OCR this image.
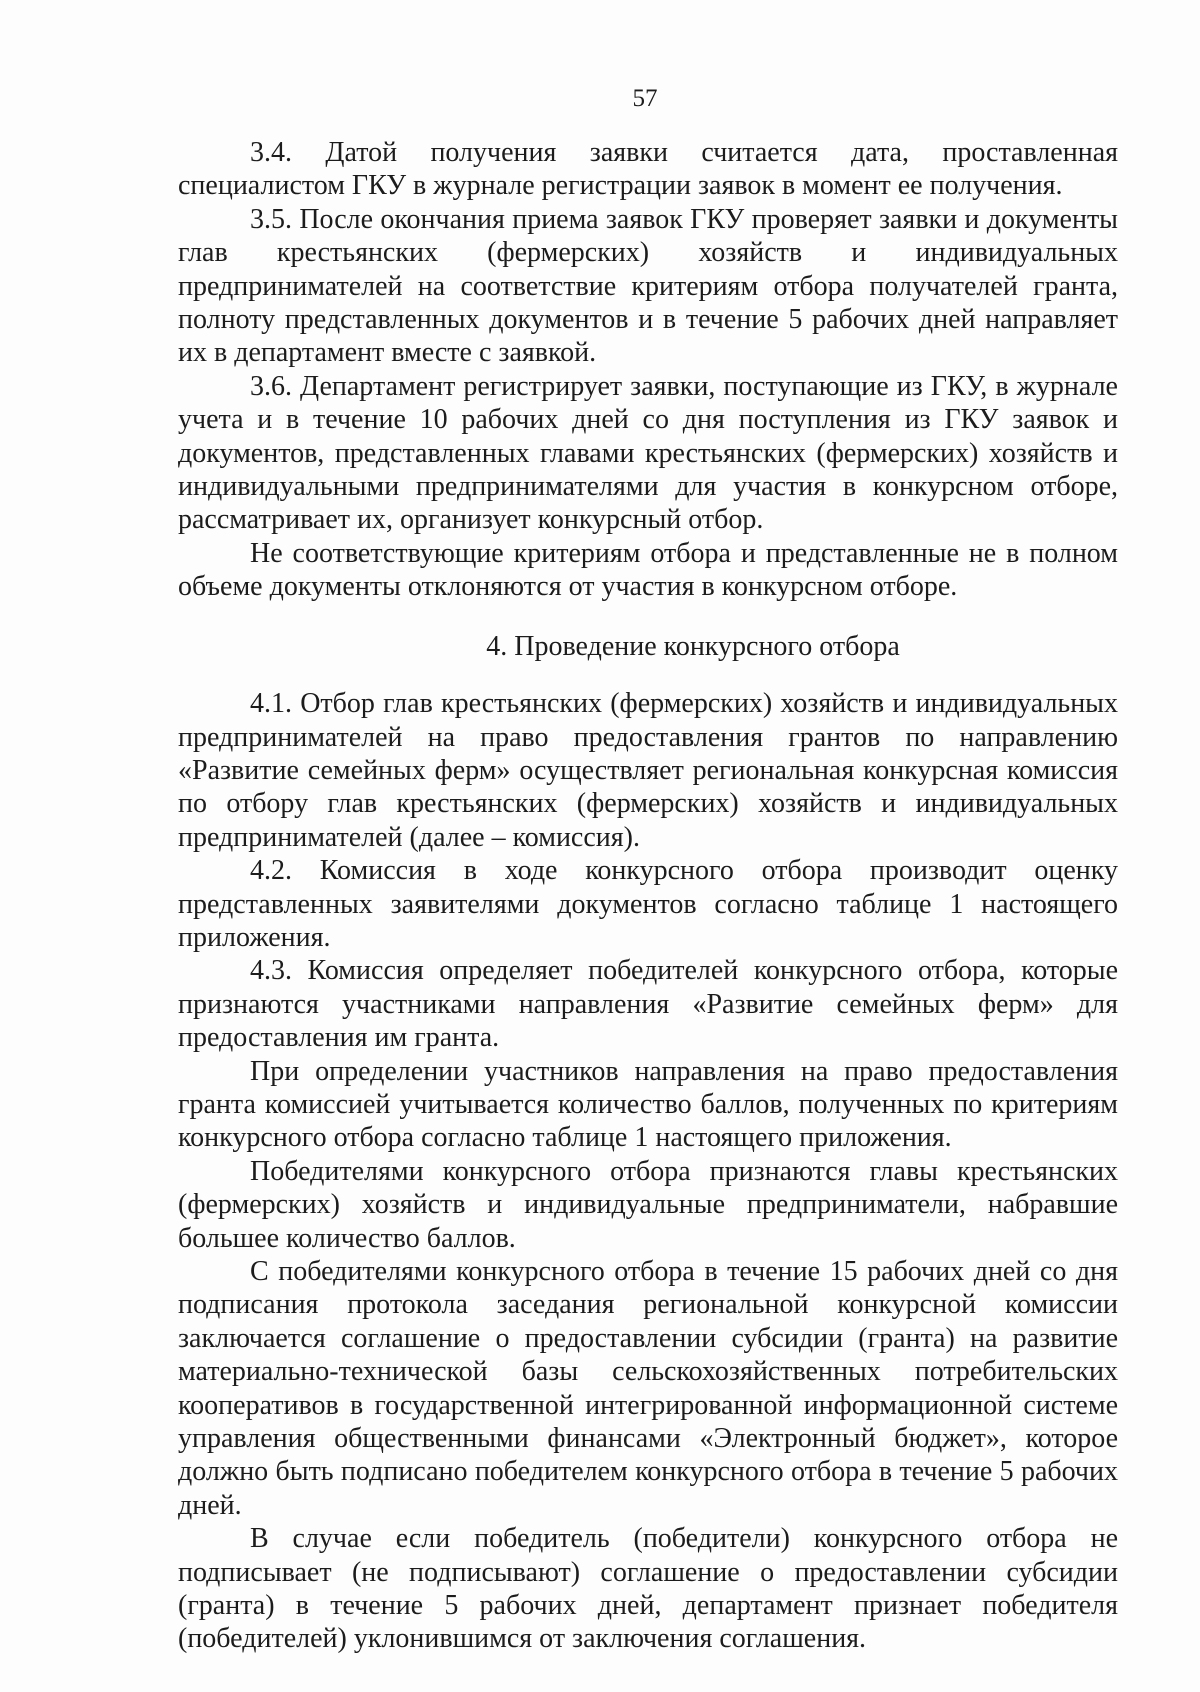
57

3.4. Датой получения заявки считается дата, проставленная специалистом ГКУ в журнале регистрации заявок в момент ее получения.

3.5. После окончания приема заявок ГКУ проверяет заявки и документы глав крестьянских (фермерских) хозяйств и индивидуальных предпринимателей на соответствие критериям отбора получателей гранта, полноту представленных документов и в течение 5 рабочих дней направляет их в департамент вместе с заявкой.

3.6. Департамент регистрирует заявки, поступающие из ГКУ, в журнале учета и в течение 10 рабочих дней со дня поступления из ГКУ заявок и документов, представленных главами крестьянских (фермерских) хозяйств и индивидуальными предпринимателями для участия в конкурсном отборе, рассматривает их, организует конкурсный отбор.

Не соответствующие критериям отбора и представленные не в полном объеме документы отклоняются от участия в конкурсном отборе.

4. Проведение конкурсного отбора

4.1. Отбор глав крестьянских (фермерских) хозяйств и индивидуальных предпринимателей на право предоставления грантов по направлению «Развитие семейных ферм» осуществляет региональная конкурсная комиссия по отбору глав крестьянских (фермерских) хозяйств и индивидуальных предпринимателей (далее – комиссия).

4.2. Комиссия в ходе конкурсного отбора производит оценку представленных заявителями документов согласно таблице 1 настоящего приложения.

4.3. Комиссия определяет победителей конкурсного отбора, которые признаются участниками направления «Развитие семейных ферм» для предоставления им гранта.

При определении участников направления на право предоставления гранта комиссией учитывается количество баллов, полученных по критериям конкурсного отбора согласно таблице 1 настоящего приложения.

Победителями конкурсного отбора признаются главы крестьянских (фермерских) хозяйств и индивидуальные предприниматели, набравшие большее количество баллов.

С победителями конкурсного отбора в течение 15 рабочих дней со дня подписания протокола заседания региональной конкурсной комиссии заключается соглашение о предоставлении субсидии (гранта) на развитие материально-технической базы сельскохозяйственных потребительских кооперативов в государственной интегрированной информационной системе управления общественными финансами «Электронный бюджет», которое должно быть подписано победителем конкурсного отбора в течение 5 рабочих дней.

В случае если победитель (победители) конкурсного отбора не подписывает (не подписывают) соглашение о предоставлении субсидии (гранта) в течение 5 рабочих дней, департамент признает победителя (победителей) уклонившимся от заключения соглашения.
